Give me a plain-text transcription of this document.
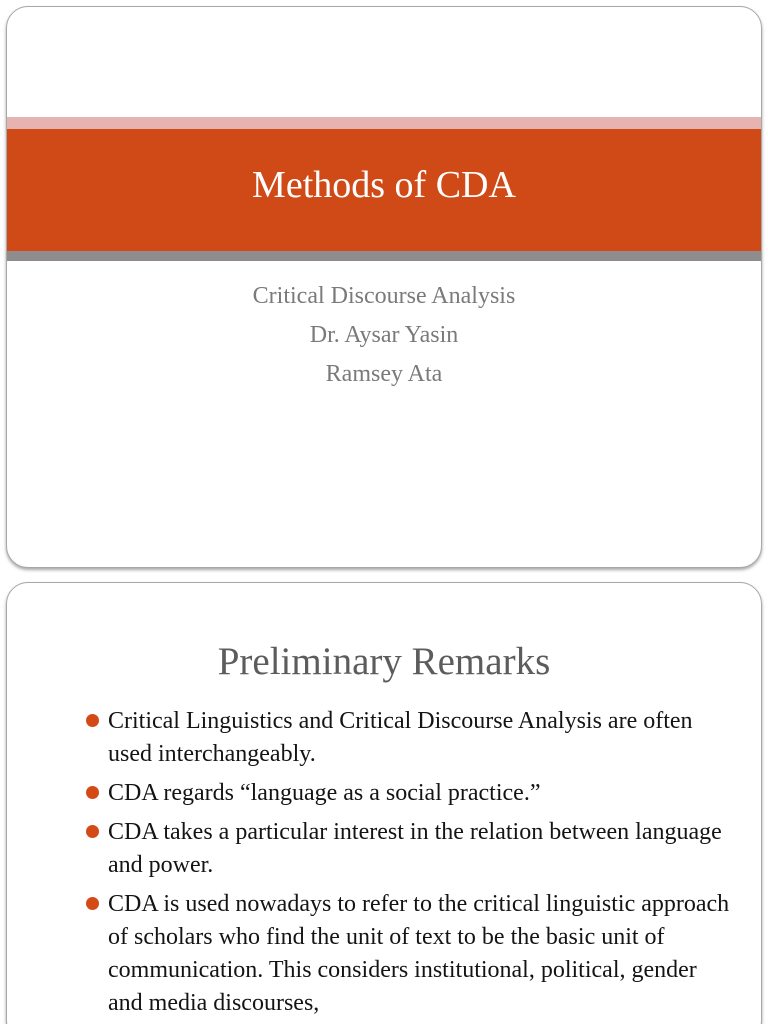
Methods of CDA
Critical Discourse Analysis
Dr. Aysar Yasin
Ramsey Ata
Preliminary Remarks
Critical Linguistics and Critical Discourse Analysis are often used interchangeably.
CDA regards “language as a social practice.”
CDA takes a particular interest in the relation between language and power.
CDA is used nowadays to refer to the critical linguistic approach of scholars who find the unit of text to be the basic unit of communication. This considers institutional, political, gender and media discourses,
